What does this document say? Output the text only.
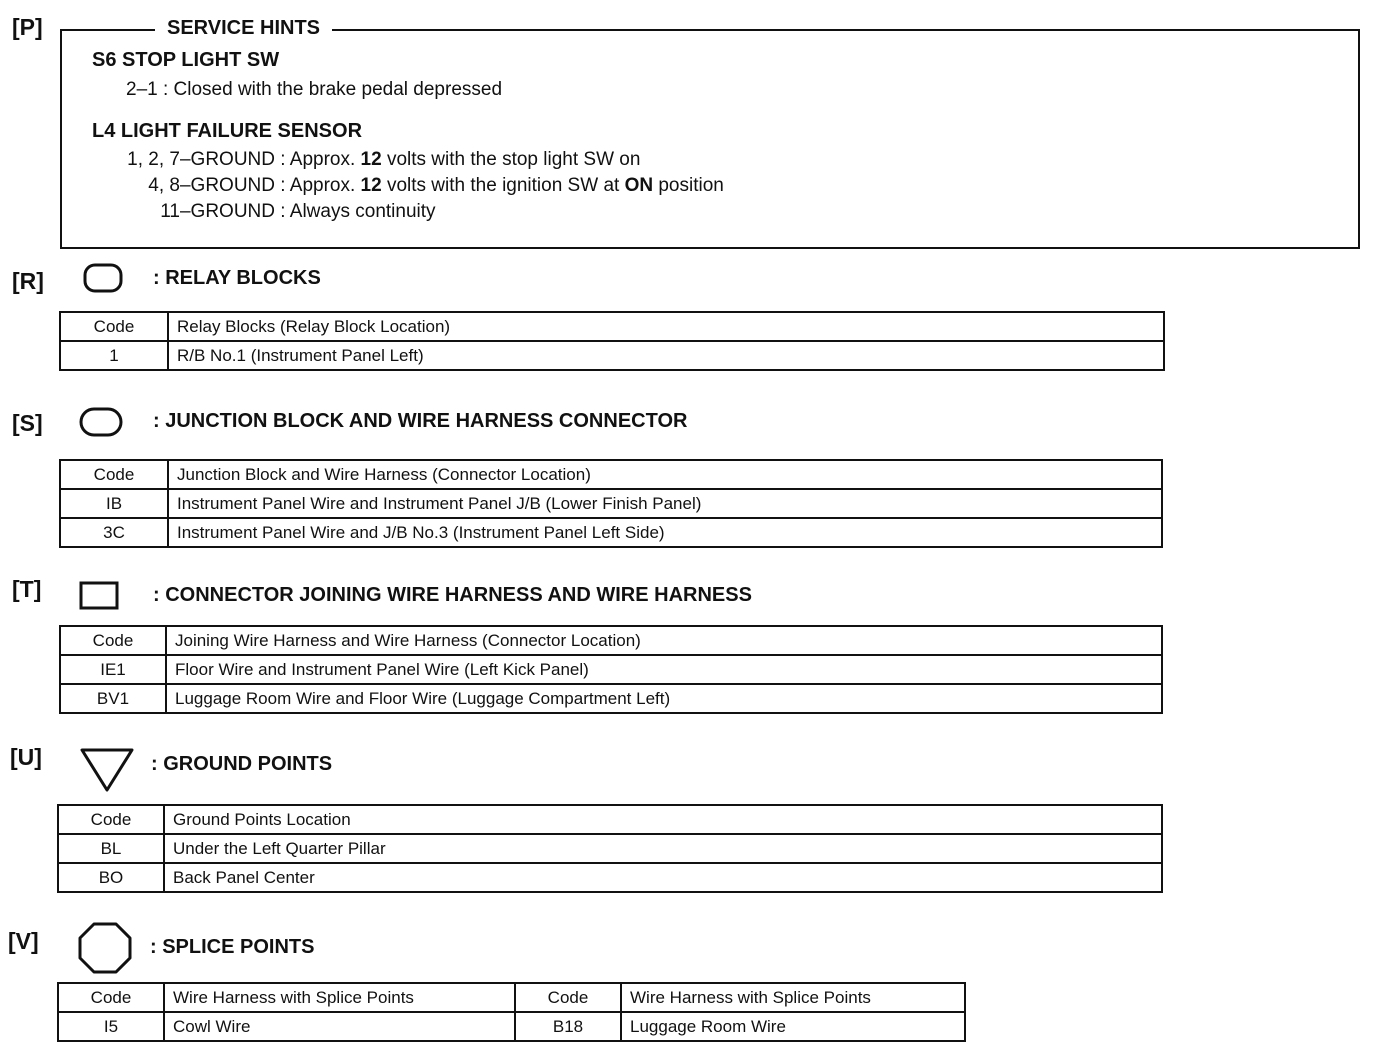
[P]	SERVICE HINTS
S6 STOP LIGHT SW
2–1 : Closed with the brake pedal depressed
L4 LIGHT FAILURE SENSOR
1, 2, 7–GROUND : Approx. 12 volts with the stop light SW on
4, 8–GROUND : Approx. 12 volts with the ignition SW at ON position
11–GROUND : Always continuity
[R]	: RELAY BLOCKS
Code	Relay Blocks (Relay Block Location)
1	R/B No.1 (Instrument Panel Left)
[S]	: JUNCTION BLOCK AND WIRE HARNESS CONNECTOR
Code	Junction Block and Wire Harness (Connector Location)
IB	Instrument Panel Wire and Instrument Panel J/B (Lower Finish Panel)
3C	Instrument Panel Wire and J/B No.3 (Instrument Panel Left Side)
[T]	: CONNECTOR JOINING WIRE HARNESS AND WIRE HARNESS
Code	Joining Wire Harness and Wire Harness (Connector Location)
IE1	Floor Wire and Instrument Panel Wire (Left Kick Panel)
BV1	Luggage Room Wire and Floor Wire (Luggage Compartment Left)
[U]	: GROUND POINTS
Code	Ground Points Location
BL	Under the Left Quarter Pillar
BO	Back Panel Center
[V]	: SPLICE POINTS
Code	Wire Harness with Splice Points	Code	Wire Harness with Splice Points
I5	Cowl Wire	B18	Luggage Room Wire
